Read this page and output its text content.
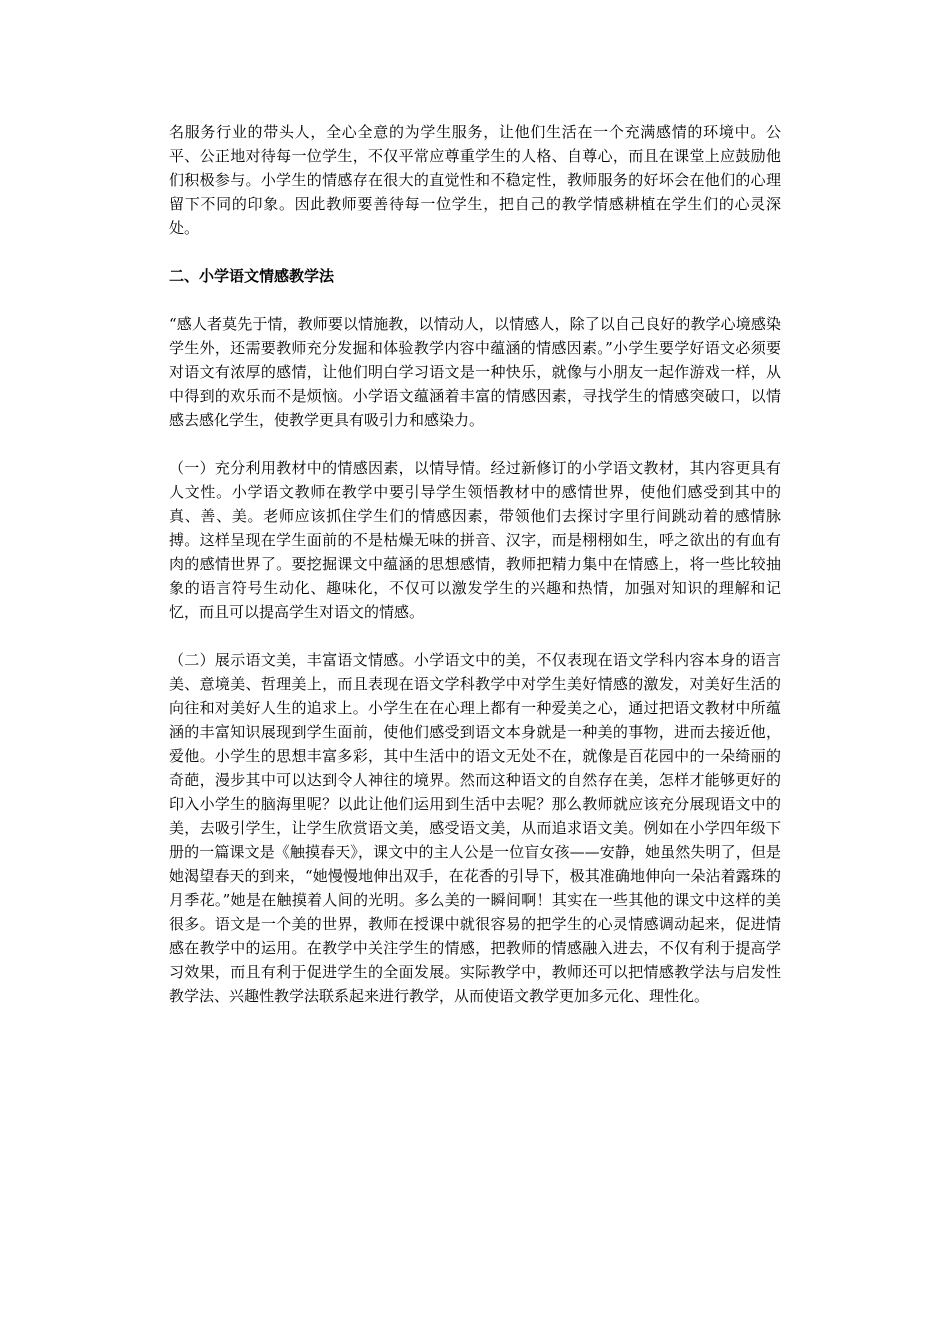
名服务行业的带头人，全心全意的为学生服务，让他们生活在一个充满感情的环境中。公平、公正地对待每一位学生，不仅平常应尊重学生的人格、自尊心，而且在课堂上应鼓励他们积极参与。小学生的情感存在很大的直觉性和不稳定性，教师服务的好坏会在他们的心理留下不同的印象。因此教师要善待每一位学生，把自己的教学情感耕植在学生们的心灵深处。

二、小学语文情感教学法

“感人者莫先于情，教师要以情施教，以情动人，以情感人，除了以自己良好的教学心境感染学生外，还需要教师充分发掘和体验教学内容中蕴涵的情感因素。”小学生要学好语文必须要对语文有浓厚的感情，让他们明白学习语文是一种快乐，就像与小朋友一起作游戏一样，从中得到的欢乐而不是烦恼。小学语文蕴涵着丰富的情感因素，寻找学生的情感突破口，以情感去感化学生，使教学更具有吸引力和感染力。

（一）充分利用教材中的情感因素，以情导情。经过新修订的小学语文教材，其内容更具有人文性。小学语文教师在教学中要引导学生领悟教材中的感情世界，使他们感受到其中的真、善、美。老师应该抓住学生们的情感因素，带领他们去探讨字里行间跳动着的感情脉搏。这样呈现在学生面前的不是枯燥无味的拼音、汉字，而是栩栩如生，呼之欲出的有血有肉的感情世界了。要挖掘课文中蕴涵的思想感情，教师把精力集中在情感上，将一些比较抽象的语言符号生动化、趣味化，不仅可以激发学生的兴趣和热情，加强对知识的理解和记忆，而且可以提高学生对语文的情感。

（二）展示语文美，丰富语文情感。小学语文中的美，不仅表现在语文学科内容本身的语言美、意境美、哲理美上，而且表现在语文学科教学中对学生美好情感的激发，对美好生活的向往和对美好人生的追求上。小学生在在心理上都有一种爱美之心，通过把语文教材中所蕴涵的丰富知识展现到学生面前，使他们感受到语文本身就是一种美的事物，进而去接近他，爱他。小学生的思想丰富多彩，其中生活中的语文无处不在，就像是百花园中的一朵绮丽的奇葩，漫步其中可以达到令人神往的境界。然而这种语文的自然存在美，怎样才能够更好的印入小学生的脑海里呢？以此让他们运用到生活中去呢？那么教师就应该充分展现语文中的美，去吸引学生，让学生欣赏语文美，感受语文美，从而追求语文美。例如在小学四年级下册的一篇课文是《触摸春天》，课文中的主人公是一位盲女孩——安静，她虽然失明了，但是她渴望春天的到来，“她慢慢地伸出双手，在花香的引导下，极其准确地伸向一朵沾着露珠的月季花。”她是在触摸着人间的光明。多么美的一瞬间啊！其实在一些其他的课文中这样的美很多。语文是一个美的世界，教师在授课中就很容易的把学生的心灵情感调动起来，促进情感在教学中的运用。在教学中关注学生的情感，把教师的情感融入进去，不仅有利于提高学习效果，而且有利于促进学生的全面发展。实际教学中，教师还可以把情感教学法与启发性教学法、兴趣性教学法联系起来进行教学，从而使语文教学更加多元化、理性化。
